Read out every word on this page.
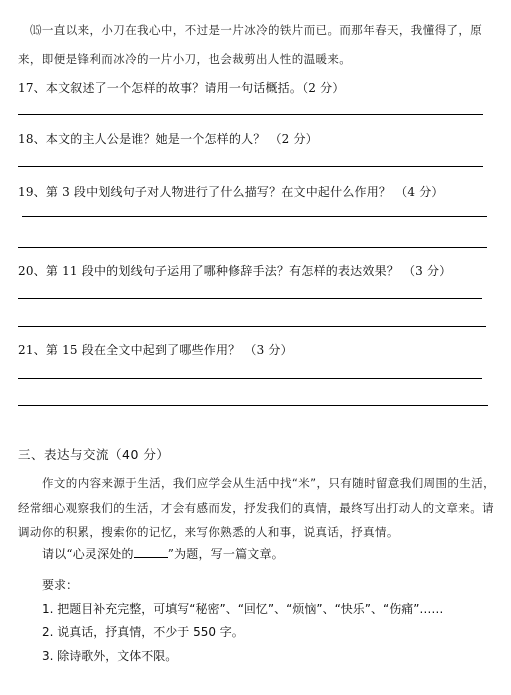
⒂一直以来，小刀在我心中，不过是一片冰冷的铁片而已。而那年春天，我懂得了，原
来，即便是锋利而冰冷的一片小刀，也会裁剪出人性的温暖来。
17、本文叙述了一个怎样的故事？请用一句话概括。（2 分）
18、本文的主人公是谁？她是一个怎样的人？ （2 分）
19、第 3 段中划线句子对人物进行了什么描写？在文中起什么作用？ （4 分）
20、第 11 段中的划线句子运用了哪种修辞手法？有怎样的表达效果？ （3 分）
21、第 15 段在全文中起到了哪些作用？ （3 分）
三、表达与交流（40 分）
作文的内容来源于生活，我们应学会从生活中找“米”，只有随时留意我们周围的生活，
经常细心观察我们的生活，才会有感而发，抒发我们的真情，最终写出打动人的文章来。请
调动你的积累，搜索你的记忆，来写你熟悉的人和事，说真话，抒真情。
请以“心灵深处的	”为题，写一篇文章。
要求：
1. 把题目补充完整，可填写“秘密”、“回忆”、“烦恼”、“快乐”、“伤痛”……
2. 说真话，抒真情，不少于 550 字。
3. 除诗歌外，文体不限。
